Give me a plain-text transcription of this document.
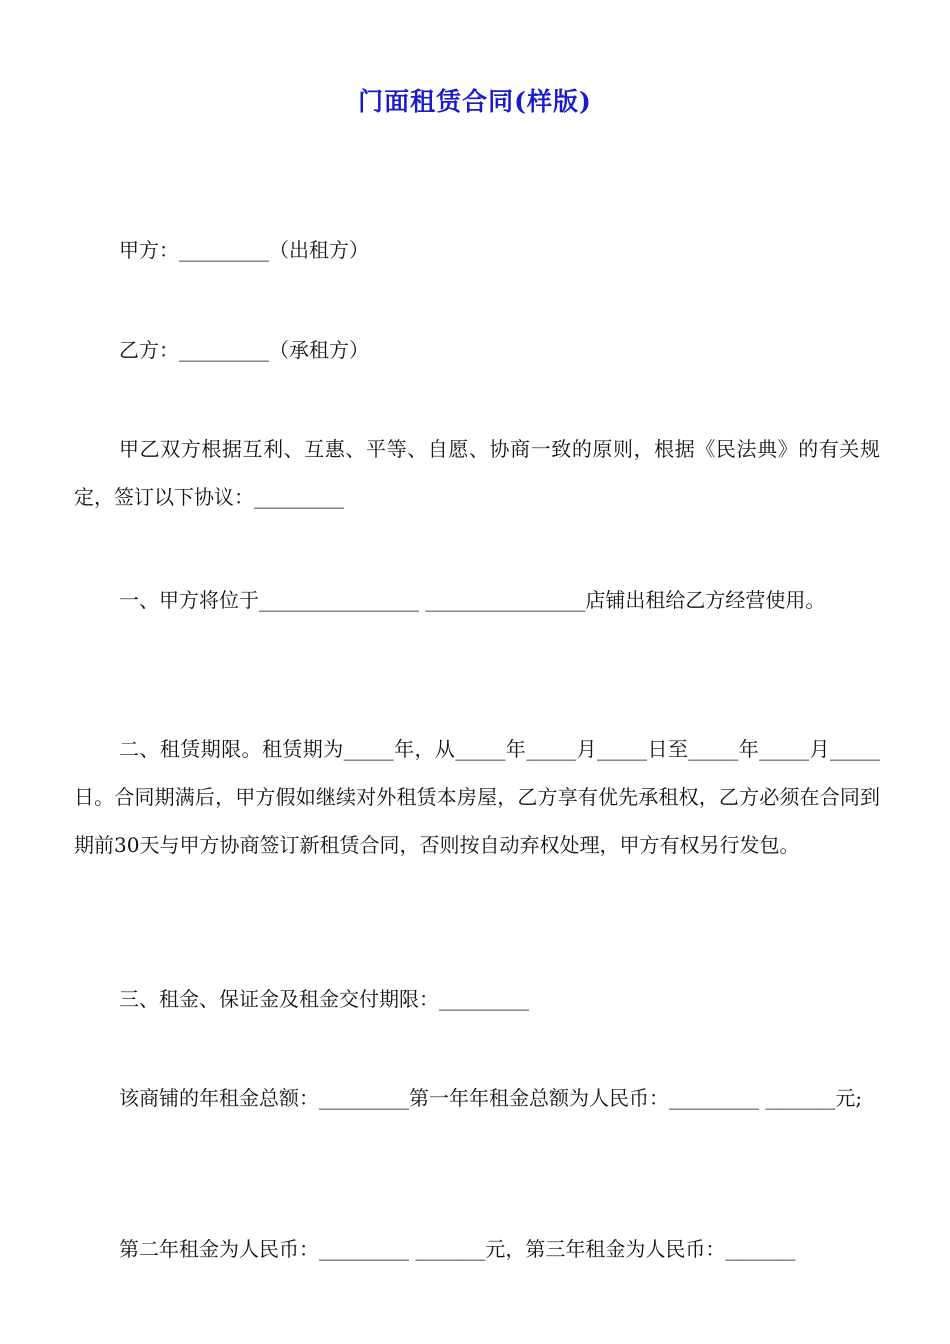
门面租赁合同(样版)

甲方：_________（出租方）

乙方：_________（承租方）

甲乙双方根据互利、互惠、平等、自愿、协商一致的原则，根据《民法典》的有关规定，签订以下协议：_________

一、甲方将位于________________ ________________店铺出租给乙方经营使用。

二、租赁期限。租赁期为_____年，从_____年_____月_____日至_____年_____月_____日。合同期满后，甲方假如继续对外租赁本房屋，乙方享有优先承租权，乙方必须在合同到期前30天与甲方协商签订新租赁合同，否则按自动弃权处理，甲方有权另行发包。

三、租金、保证金及租金交付期限：_________

该商铺的年租金总额：_________第一年年租金总额为人民币：_________ _______元;

第二年租金为人民币：_________ _______元，第三年租金为人民币：_______
